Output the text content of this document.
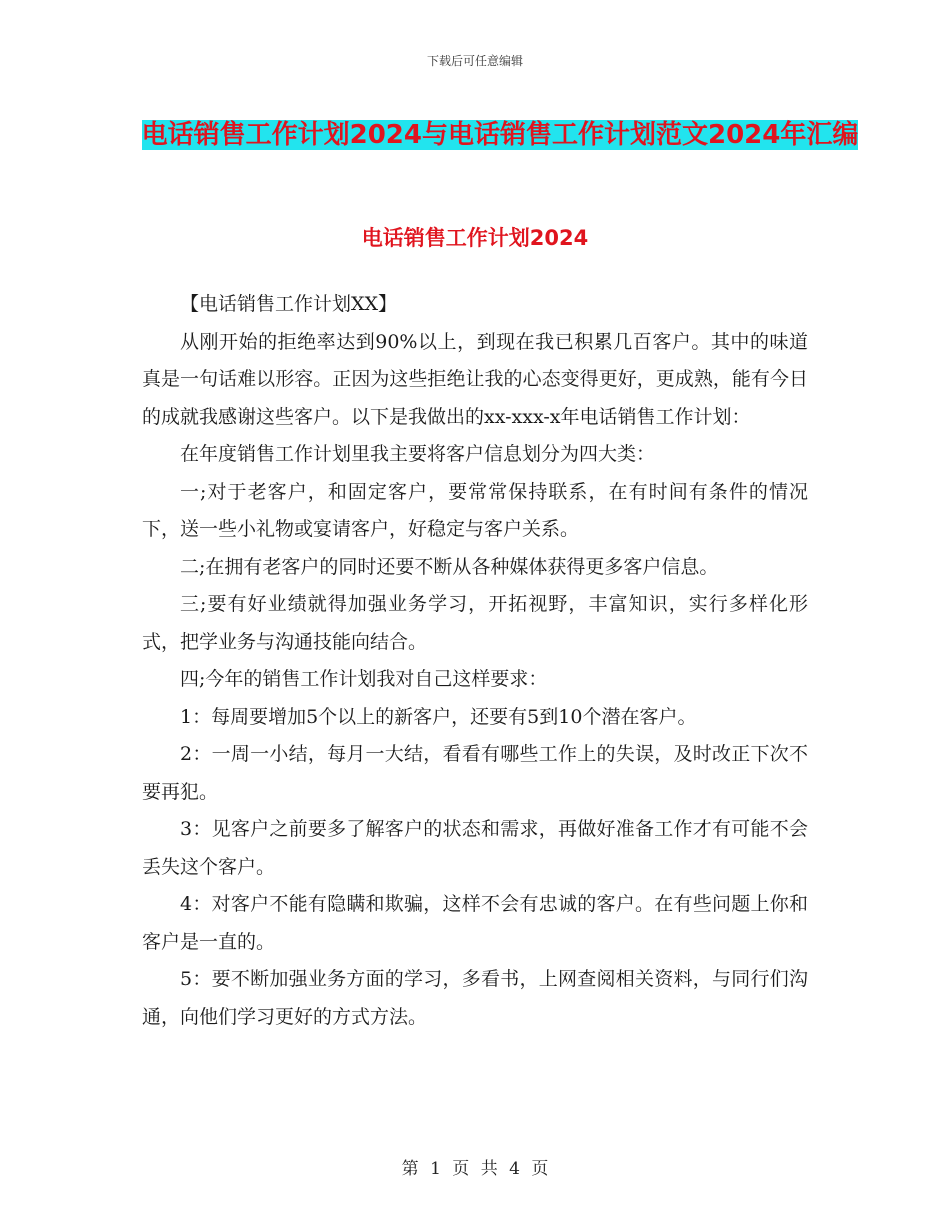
下载后可任意编辑
电话销售工作计划2024与电话销售工作计划范文2024年汇编
电话销售工作计划2024

【电话销售工作计划XX】

从刚开始的拒绝率达到90%以上，到现在我已积累几百客户。其中的味道真是一句话难以形容。正因为这些拒绝让我的心态变得更好，更成熟，能有今日的成就我感谢这些客户。以下是我做出的xx-xxx-x年电话销售工作计划：

在年度销售工作计划里我主要将客户信息划分为四大类：

一;对于老客户，和固定客户，要常常保持联系，在有时间有条件的情况下，送一些小礼物或宴请客户，好稳定与客户关系。

二;在拥有老客户的同时还要不断从各种媒体获得更多客户信息。

三;要有好业绩就得加强业务学习，开拓视野，丰富知识，实行多样化形式，把学业务与沟通技能向结合。

四;今年的销售工作计划我对自己这样要求：

1：每周要增加5个以上的新客户，还要有5到10个潜在客户。

2：一周一小结，每月一大结，看看有哪些工作上的失误，及时改正下次不要再犯。

3：见客户之前要多了解客户的状态和需求，再做好准备工作才有可能不会丢失这个客户。

4：对客户不能有隐瞒和欺骗，这样不会有忠诚的客户。在有些问题上你和客户是一直的。

5：要不断加强业务方面的学习，多看书，上网查阅相关资料，与同行们沟通，向他们学习更好的方式方法。

第 1 页 共 4 页
